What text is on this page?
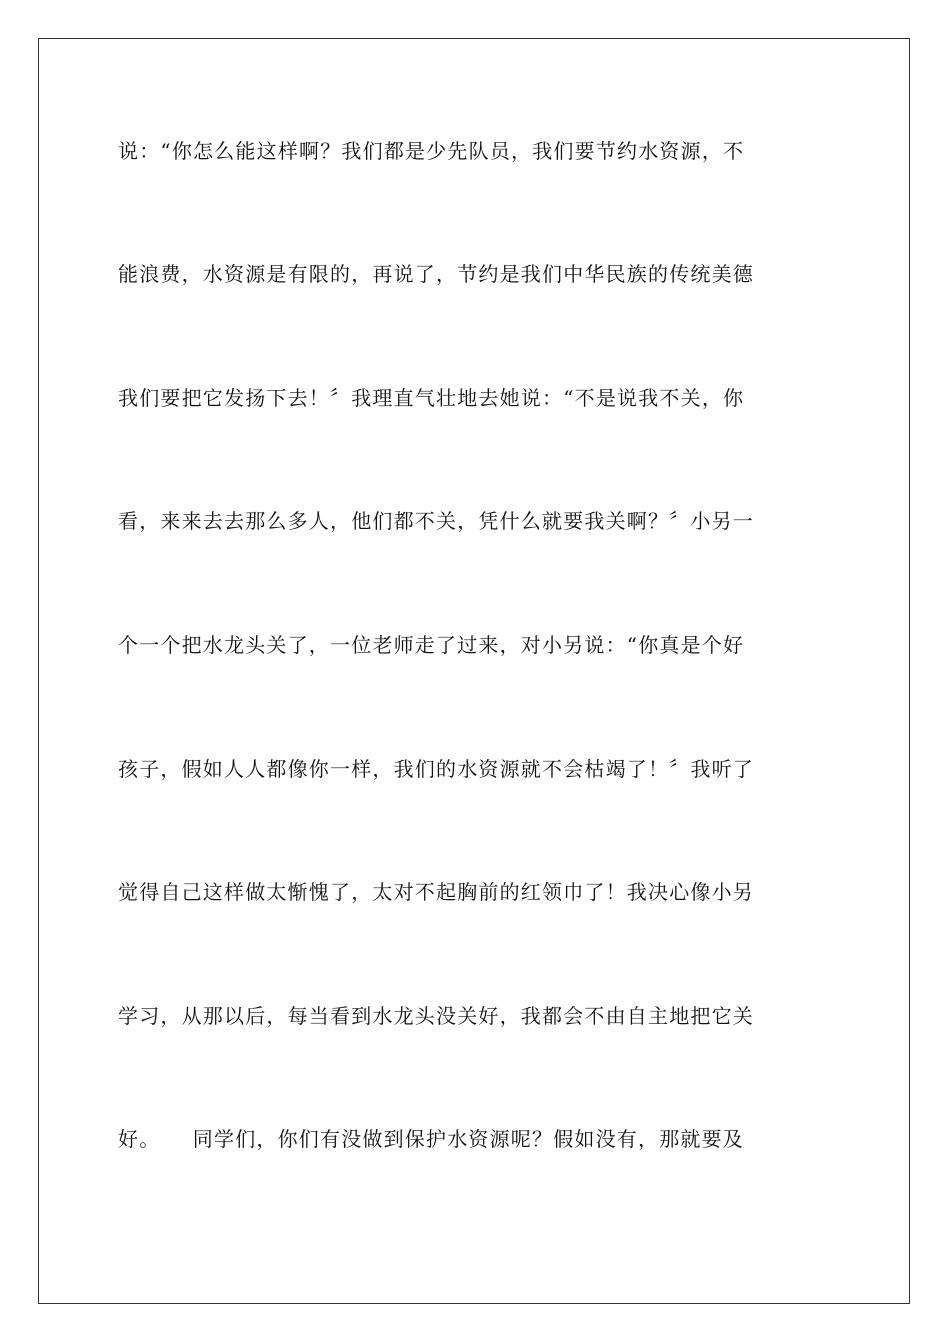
说：“你怎么能这样啊？我们都是少先队员，我们要节约水资源，不
能浪费，水资源是有限的，再说了，节约是我们中华民族的传统美德
我们要把它发扬下去！〞我理直气壮地去她说：“不是说我不关，你
看，来来去去那么多人，他们都不关，凭什么就要我关啊？〞小另一
个一个把水龙头关了，一位老师走了过来，对小另说：“你真是个好
孩子，假如人人都像你一样，我们的水资源就不会枯竭了！〞我听了
觉得自己这样做太惭愧了，太对不起胸前的红领巾了！我决心像小另
学习，从那以后，每当看到水龙头没关好，我都会不由自主地把它关
好。　　同学们，你们有没做到保护水资源呢？假如没有，那就要及
